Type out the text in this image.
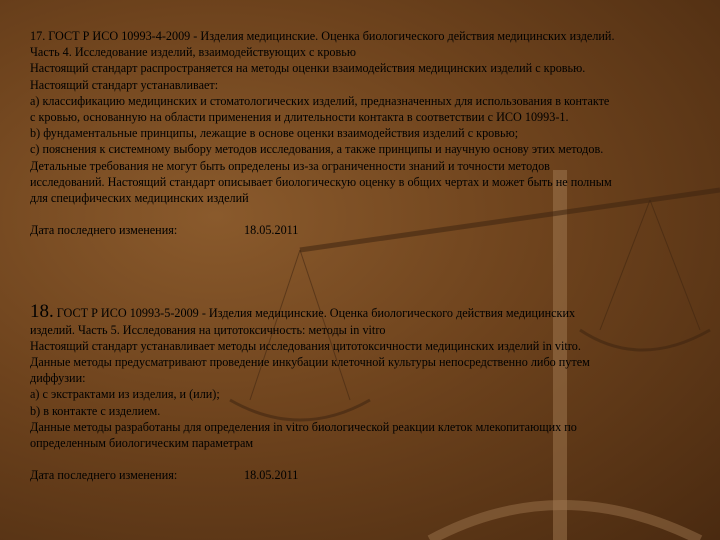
17. ГОСТ Р ИСО 10993-4-2009 - Изделия медицинские. Оценка биологического действия медицинских изделий.
Часть 4. Исследование изделий, взаимодействующих с кровью
Настоящий стандарт распространяется на методы оценки взаимодействия медицинских изделий с кровью.
Настоящий стандарт устанавливает:
a) классификацию медицинских и стоматологических изделий, предназначенных для использования в контакте
с кровью, основанную на области применения и длительности контакта в соответствии с ИСО 10993-1.
b) фундаментальные принципы, лежащие в основе оценки взаимодействия изделий с кровью;
c) пояснения к системному выбору методов исследования, а также принципы и научную основу этих методов.
Детальные требования не могут быть определены из-за ограниченности знаний и точности методов
исследований. Настоящий стандарт описывает биологическую оценку в общих чертах и может быть не полным
для специфических медицинских изделий
Дата последнего изменения:	18.05.2011
18. ГОСТ Р ИСО 10993-5-2009 - Изделия медицинские. Оценка биологического действия медицинских
изделий. Часть 5. Исследования на цитотоксичность: методы in vitro
Настоящий стандарт устанавливает методы исследования цитотоксичности медицинских изделий in vitro.
Данные методы предусматривают проведение инкубации клеточной культуры непосредственно либо путем
диффузии:
a) с экстрактами из изделия, и (или);
b) в контакте с изделием.
Данные методы разработаны для определения in vitro биологической реакции клеток млекопитающих по
определенным биологическим параметрам
Дата последнего изменения:	18.05.2011
